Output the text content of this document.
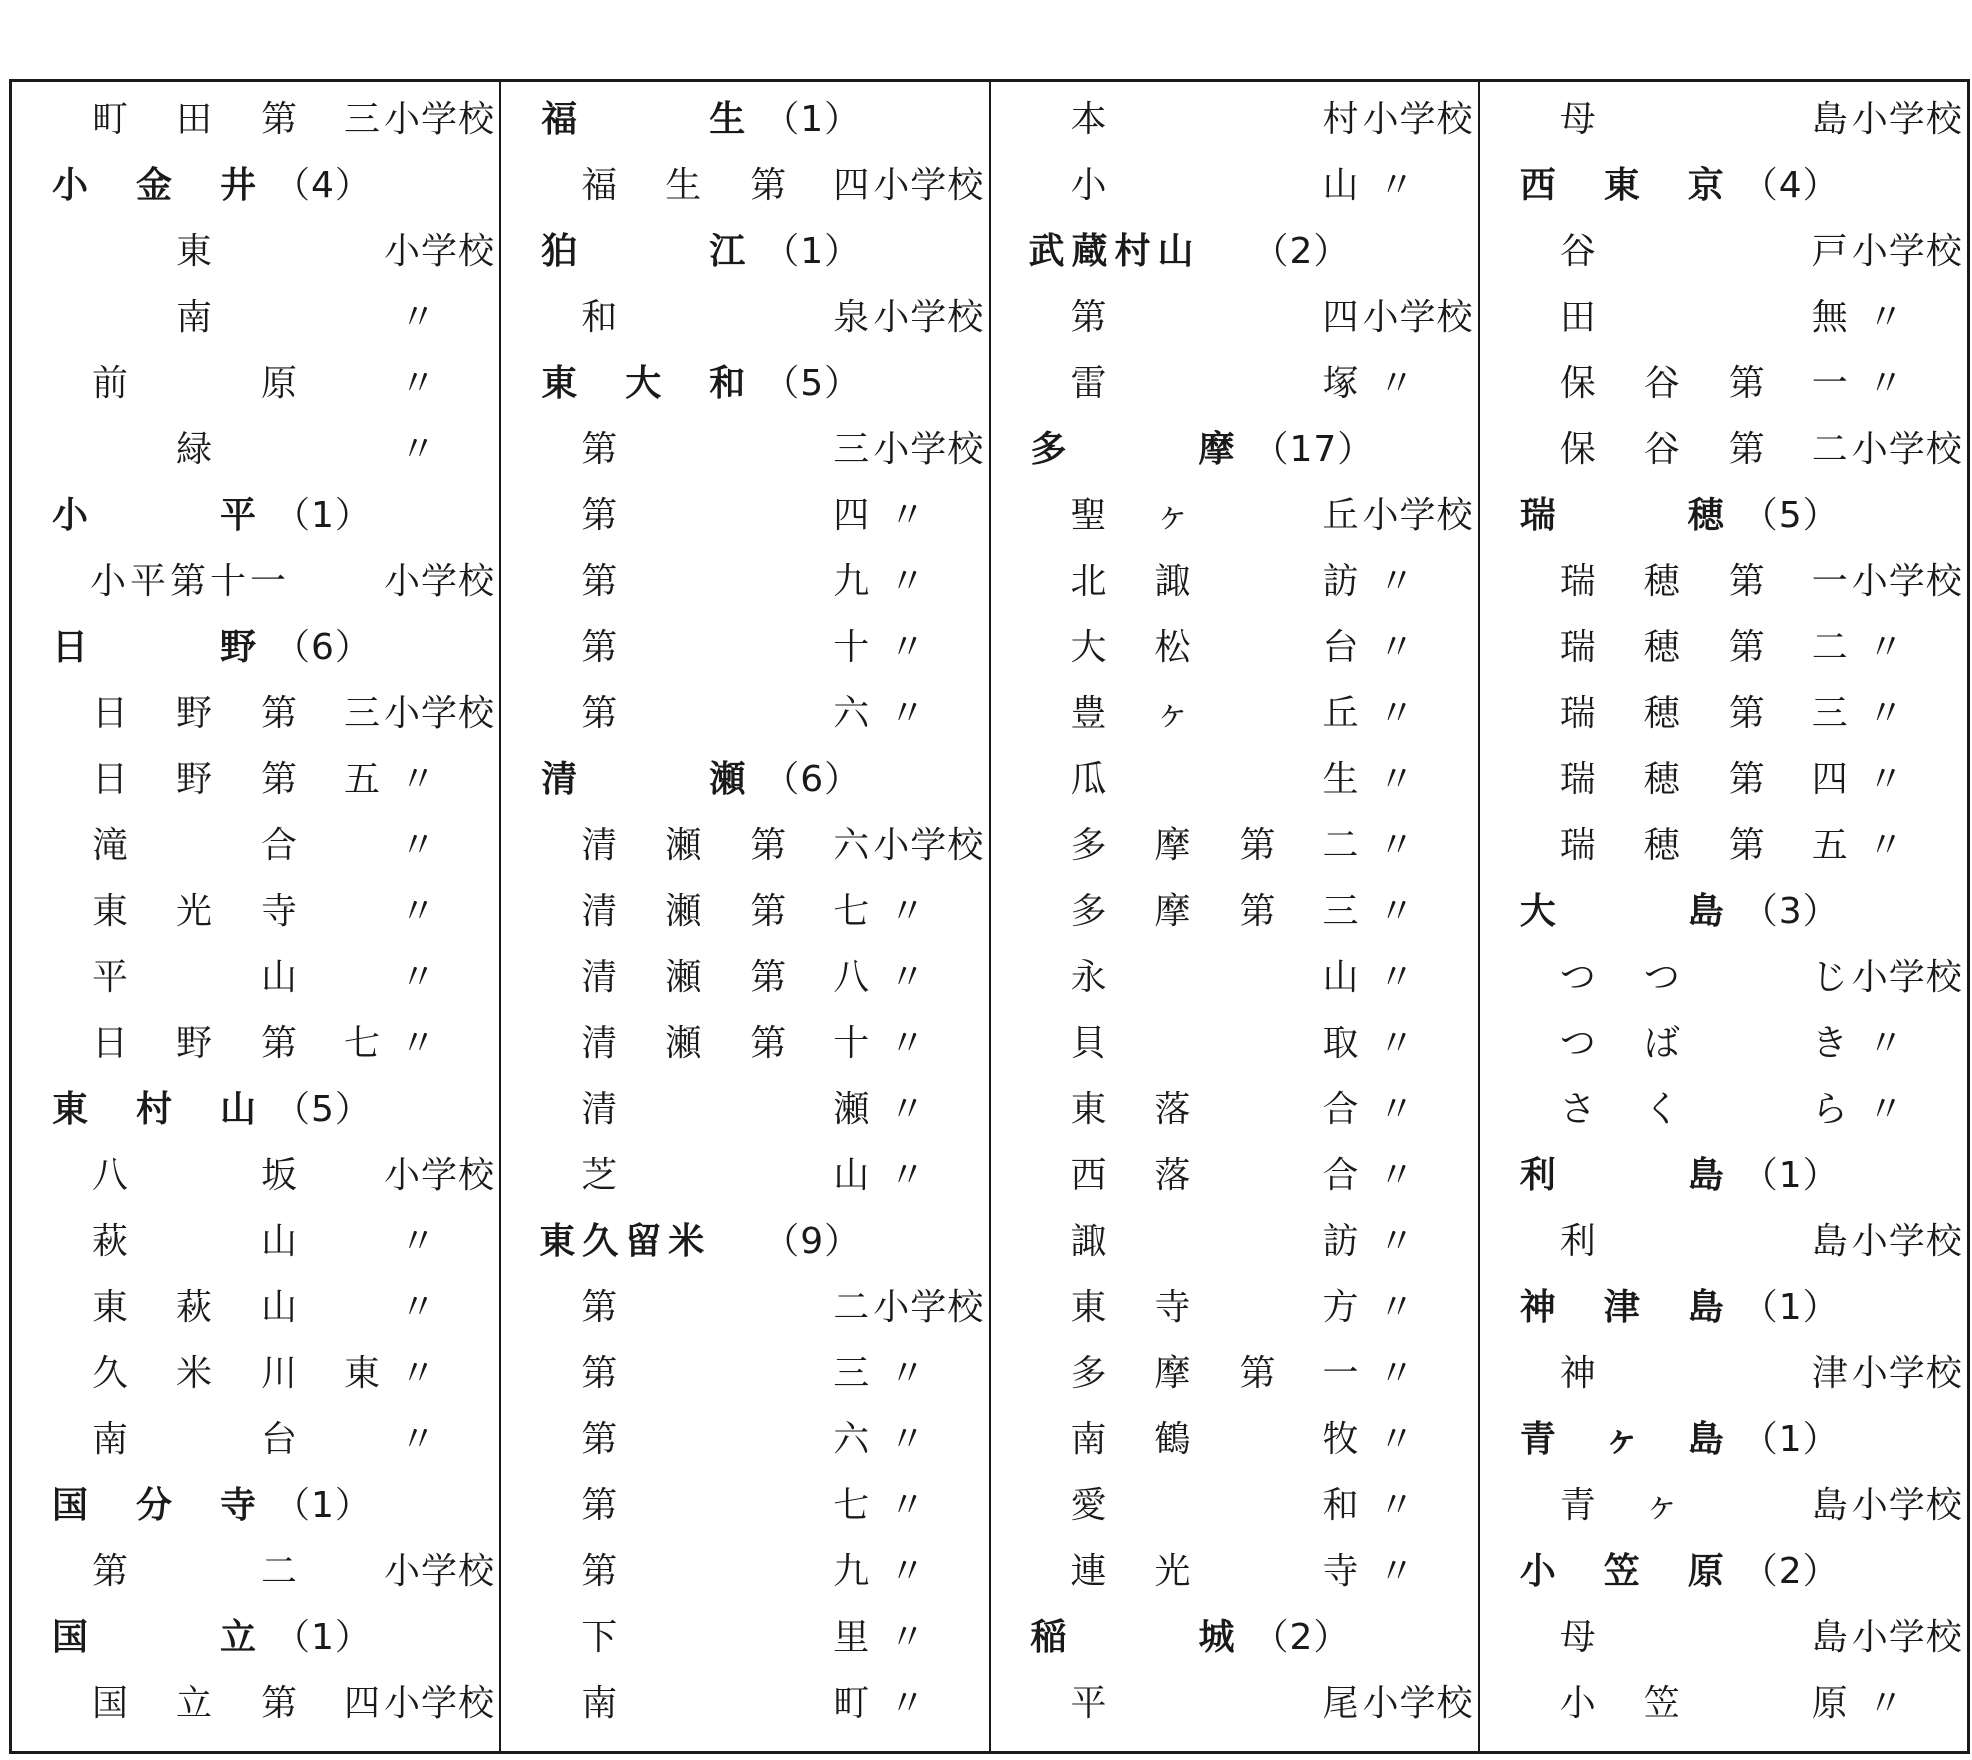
町 田 第 三 小学校
小 金 井 （4）
東	小学校
南	〃
前	原	〃
緑	〃
小	平 （1）
小平第十一	小学校
日	野 （6）
日 野 第 三 小学校
日 野 第 五 〃
滝	合	〃
東 光 寺	〃
平	山	〃
日 野 第 七 〃
東 村 山 （5）
八	坂 小学校
萩	山	〃
東 萩 山	〃
久 米 川 東 〃
南	台	〃
国 分 寺 （1）
第	二 小学校
国	立 （1）
国 立 第 四 小学校
福	生 （1）
福 生 第 四 小学校
狛	江 （1）
和	泉 小学校
東 大 和 （5）
第	三 小学校
第	四 〃
第	九 〃
第	十 〃
第	六 〃
清	瀬 （6）
清 瀬 第 六 小学校
清 瀬 第 七 〃
清 瀬 第 八 〃
清 瀬 第 十 〃
清	瀬 〃
芝	山 〃
東久留米 （9）
第	二 小学校
第	三 〃
第	六 〃
第	七 〃
第	九 〃
下	里 〃
南	町 〃
本	村 小学校
小	山 〃
武蔵村山 （2）
第	四 小学校
雷	塚 〃
多	摩 （17）
聖 ヶ	丘 小学校
北 諏	訪 〃
大 松	台 〃
豊 ヶ	丘 〃
瓜	生 〃
多 摩 第 二 〃
多 摩 第 三 〃
永	山 〃
貝	取 〃
東 落	合 〃
西 落	合 〃
諏	訪 〃
東 寺	方 〃
多 摩 第 一 〃
南 鶴	牧 〃
愛	和 〃
連 光	寺 〃
稲	城 （2）
平	尾 小学校
母	島 小学校
西 東 京 （4）
谷	戸 小学校
田	無 〃
保 谷 第 一 〃
保 谷 第 二 小学校
瑞	穂 （5）
瑞 穂 第 一 小学校
瑞 穂 第 二 〃
瑞 穂 第 三 〃
瑞 穂 第 四 〃
瑞 穂 第 五 〃
大	島 （3）
つ つ	じ 小学校
つ ば	き 〃
さ く	ら 〃
利	島 （1）
利	島 小学校
神 津 島 （1）
神	津 小学校
青 ヶ 島 （1）
青 ヶ	島 小学校
小 笠 原 （2）
母	島 小学校
小 笠	原 〃
